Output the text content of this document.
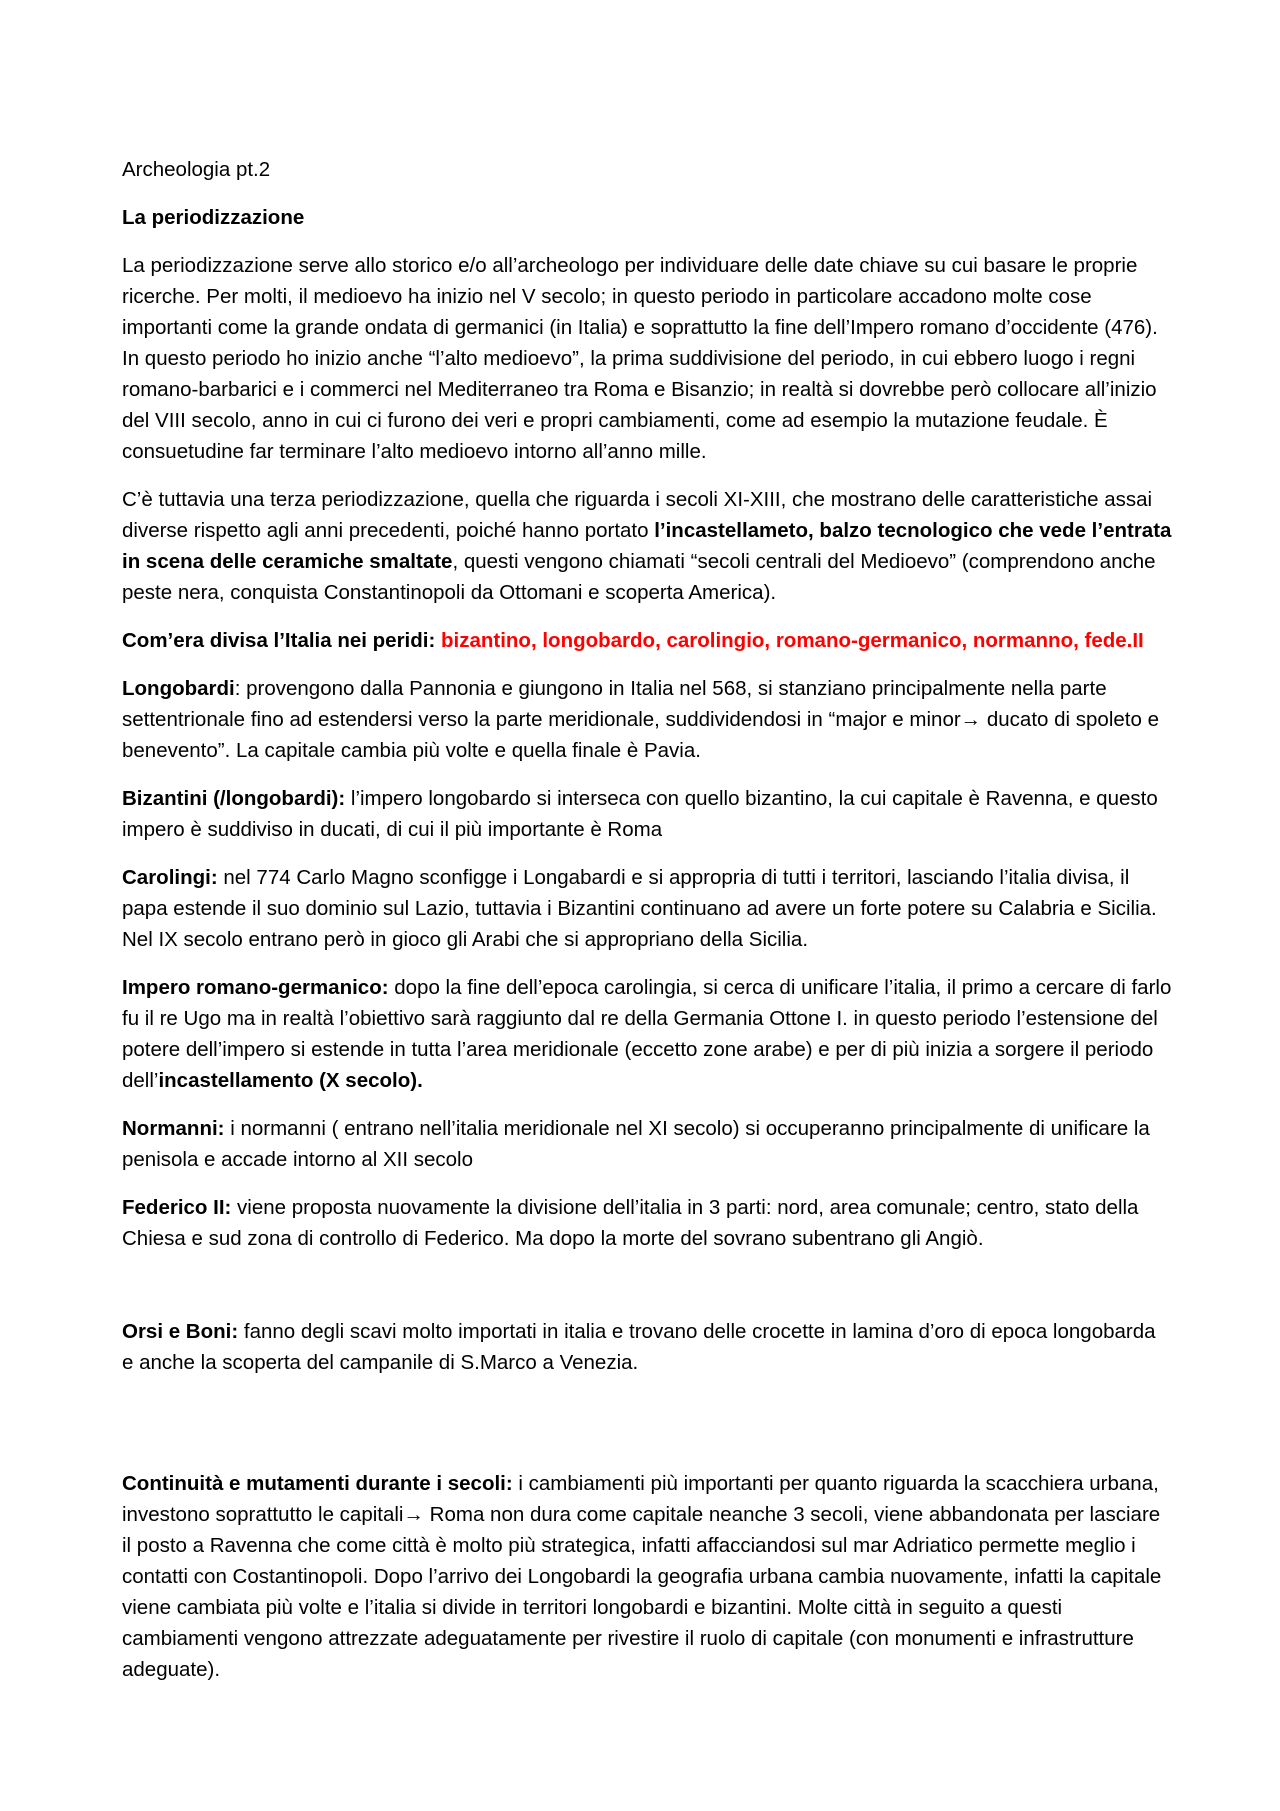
Archeologia pt.2

La periodizzazione

La periodizzazione serve allo storico e/o all’archeologo per individuare delle date chiave su cui basare le proprie ricerche. Per molti, il medioevo ha inizio nel V secolo; in questo periodo in particolare accadono molte cose importanti come la grande ondata di germanici (in Italia) e soprattutto la fine dell’Impero romano d’occidente (476). In questo periodo ho inizio anche “l’alto medioevo”, la prima suddivisione del periodo, in cui ebbero luogo i regni romano-barbarici e i commerci nel Mediterraneo tra Roma e Bisanzio; in realtà si dovrebbe però collocare all’inizio del VIII secolo, anno in cui ci furono dei veri e propri cambiamenti, come ad esempio la mutazione feudale. È consuetudine far terminare l’alto medioevo intorno all’anno mille.

C’è tuttavia una terza periodizzazione, quella che riguarda i secoli XI-XIII, che mostrano delle caratteristiche assai diverse rispetto agli anni precedenti, poiché hanno portato l’incastellameto, balzo tecnologico che vede l’entrata in scena delle ceramiche smaltate, questi vengono chiamati “secoli centrali del Medioevo” (comprendono anche peste nera, conquista Constantinopoli da Ottomani e scoperta America).

Com’era divisa l’Italia nei peridi: bizantino, longobardo, carolingio, romano-germanico, normanno, fede.II

Longobardi: provengono dalla Pannonia e giungono in Italia nel 568, si stanziano principalmente nella parte settentrionale fino ad estendersi verso la parte meridionale, suddividendosi in “major e minor→ ducato di spoleto e benevento”. La capitale cambia più volte e quella finale è Pavia.

Bizantini (/longobardi): l’impero longobardo si interseca con quello bizantino, la cui capitale è Ravenna, e questo impero è suddiviso in ducati, di cui il più importante è Roma

Carolingi: nel 774 Carlo Magno sconfigge i Longabardi e si appropria di tutti i territori, lasciando l’italia divisa, il papa estende il suo dominio sul Lazio, tuttavia i Bizantini continuano ad avere un forte potere su Calabria e Sicilia. Nel IX secolo entrano però in gioco gli Arabi che si appropriano della Sicilia.

Impero romano-germanico: dopo la fine dell’epoca carolingia, si cerca di unificare l’italia, il primo a cercare di farlo fu il re Ugo ma in realtà l’obiettivo sarà raggiunto dal re della Germania Ottone I. in questo periodo l’estensione del potere dell’impero si estende in tutta l’area meridionale (eccetto zone arabe) e per di più inizia a sorgere il periodo dell’incastellamento (X secolo).

Normanni: i normanni ( entrano nell’italia meridionale nel XI secolo) si occuperanno principalmente di unificare la penisola e accade intorno al XII secolo

Federico II: viene proposta nuovamente la divisione dell’italia in 3 parti: nord, area comunale; centro, stato della Chiesa e sud zona di controllo di Federico. Ma dopo la morte del sovrano subentrano gli Angiò.

Orsi e Boni: fanno degli scavi molto importati in italia e trovano delle crocette in lamina d’oro di epoca longobarda e anche la scoperta del campanile di S.Marco a Venezia.

Continuità e mutamenti durante i secoli: i cambiamenti più importanti per quanto riguarda la scacchiera urbana, investono soprattutto le capitali→ Roma non dura come capitale neanche 3 secoli, viene abbandonata per lasciare il posto a Ravenna che come città è molto più strategica, infatti affacciandosi sul mar Adriatico permette meglio i contatti con Costantinopoli. Dopo l’arrivo dei Longobardi la geografia urbana cambia nuovamente, infatti la capitale viene cambiata più volte e l’italia si divide in territori longobardi e bizantini. Molte città in seguito a questi cambiamenti vengono attrezzate adeguatamente per rivestire il ruolo di capitale (con monumenti e infrastrutture adeguate).
